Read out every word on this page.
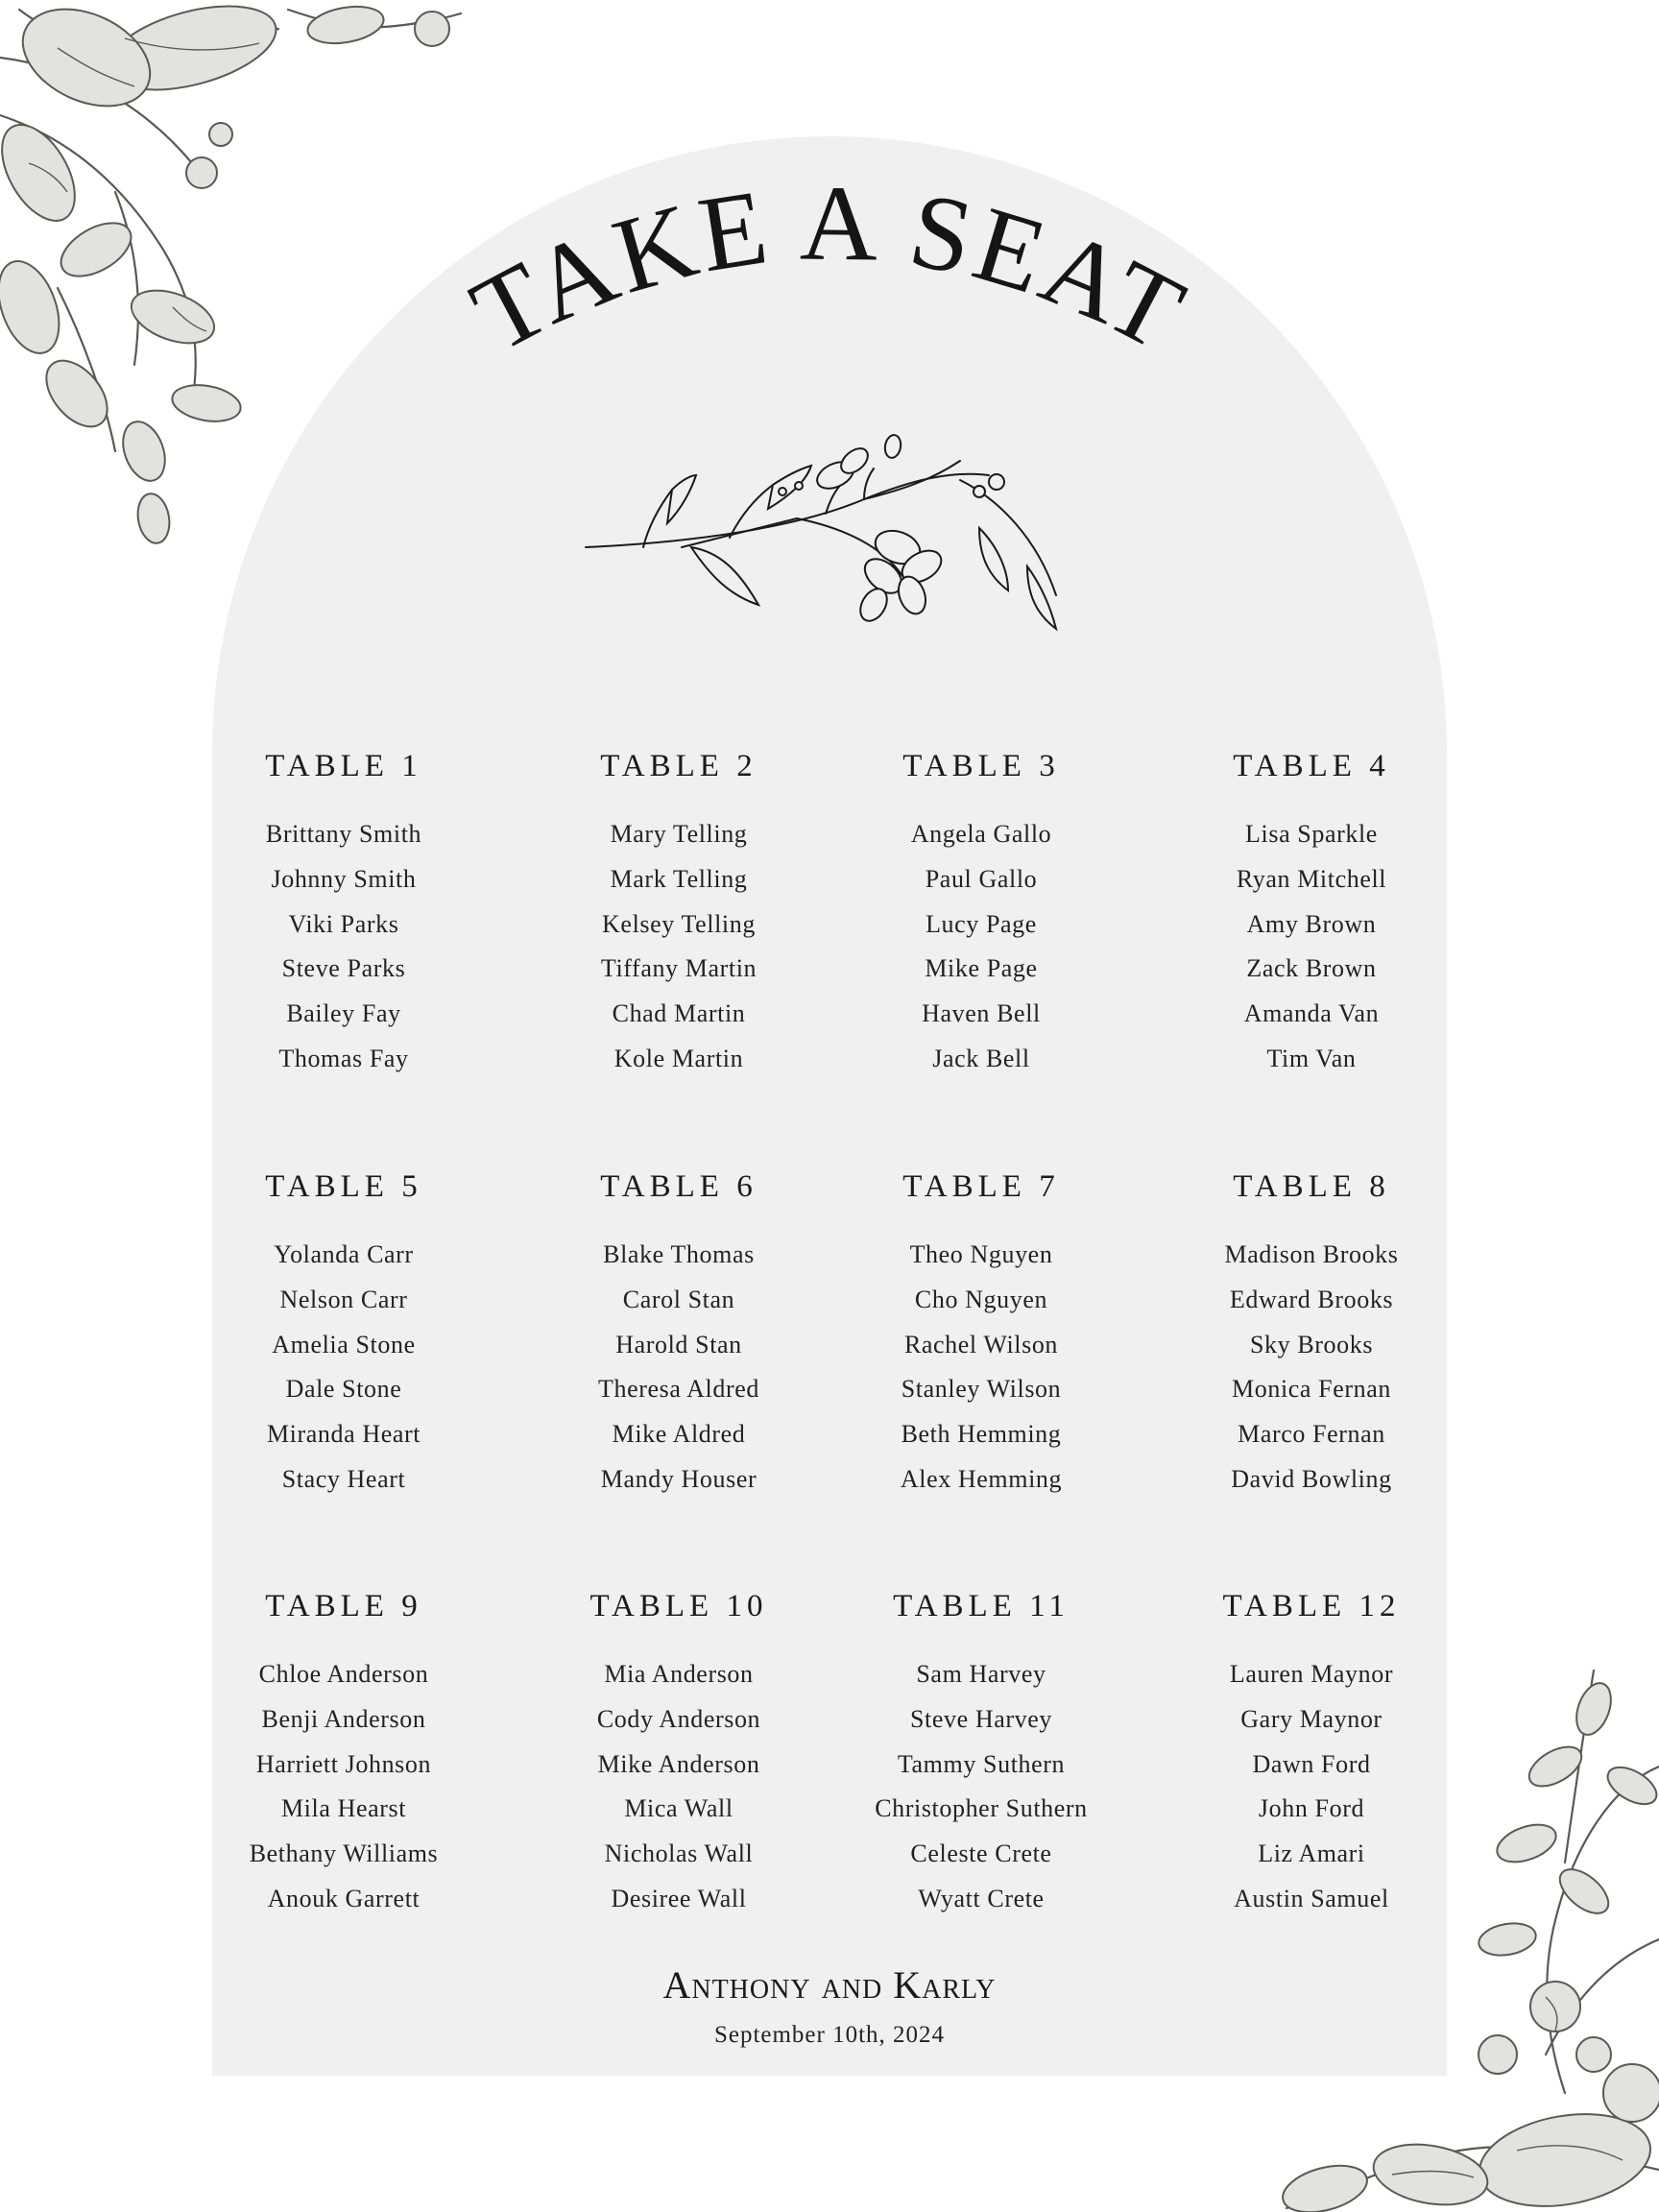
TAKE A SEAT
TABLE 1
Brittany Smith
Johnny Smith
Viki Parks
Steve Parks
Bailey Fay
Thomas Fay
TABLE 2
Mary Telling
Mark Telling
Kelsey Telling
Tiffany Martin
Chad Martin
Kole Martin
TABLE 3
Angela Gallo
Paul Gallo
Lucy Page
Mike Page
Haven Bell
Jack Bell
TABLE 4
Lisa Sparkle
Ryan Mitchell
Amy Brown
Zack Brown
Amanda Van
Tim Van
TABLE 5
Yolanda Carr
Nelson Carr
Amelia Stone
Dale Stone
Miranda Heart
Stacy Heart
TABLE 6
Blake Thomas
Carol Stan
Harold Stan
Theresa Aldred
Mike Aldred
Mandy Houser
TABLE 7
Theo Nguyen
Cho Nguyen
Rachel Wilson
Stanley Wilson
Beth Hemming
Alex Hemming
TABLE 8
Madison Brooks
Edward Brooks
Sky Brooks
Monica Fernan
Marco Fernan
David Bowling
TABLE 9
Chloe Anderson
Benji Anderson
Harriett Johnson
Mila Hearst
Bethany Williams
Anouk Garrett
TABLE 10
Mia Anderson
Cody Anderson
Mike Anderson
Mica Wall
Nicholas Wall
Desiree Wall
TABLE 11
Sam Harvey
Steve Harvey
Tammy Suthern
Christopher Suthern
Celeste Crete
Wyatt Crete
TABLE 12
Lauren Maynor
Gary Maynor
Dawn Ford
John Ford
Liz Amari
Austin Samuel
Anthony and Karly
September 10th, 2024
